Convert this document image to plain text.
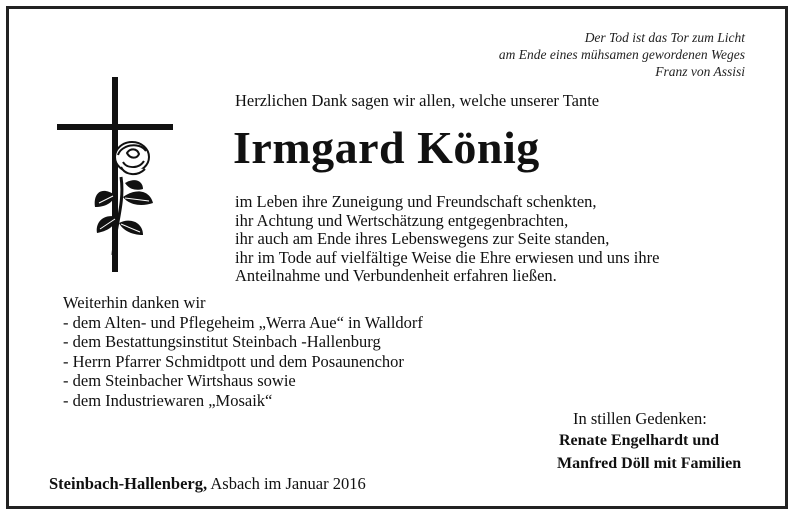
Der Tod ist das Tor zum Licht
am Ende eines mühsamen gewordenen Weges
Franz von Assisi
Herzlichen Dank sagen wir allen, welche unserer Tante
Irmgard König
im Leben ihre Zuneigung und Freundschaft schenkten,
ihr Achtung und Wertschätzung entgegenbrachten,
ihr auch am Ende ihres Lebenswegens zur Seite standen,
ihr im Tode auf vielfältige Weise die Ehre erwiesen und uns ihre
Anteilnahme und Verbundenheit erfahren ließen.
Weiterhin danken wir
- dem Alten- und Pflegeheim „Werra Aue“ in Walldorf
- dem Bestattungsinstitut Steinbach -Hallenburg
- Herrn Pfarrer Schmidtpott und dem Posaunenchor
- dem Steinbacher Wirtshaus sowie
- dem Industriewaren „Mosaik“
In stillen Gedenken:
Renate Engelhardt und
Manfred Döll mit Familien
Steinbach-Hallenberg, Asbach im Januar 2016
